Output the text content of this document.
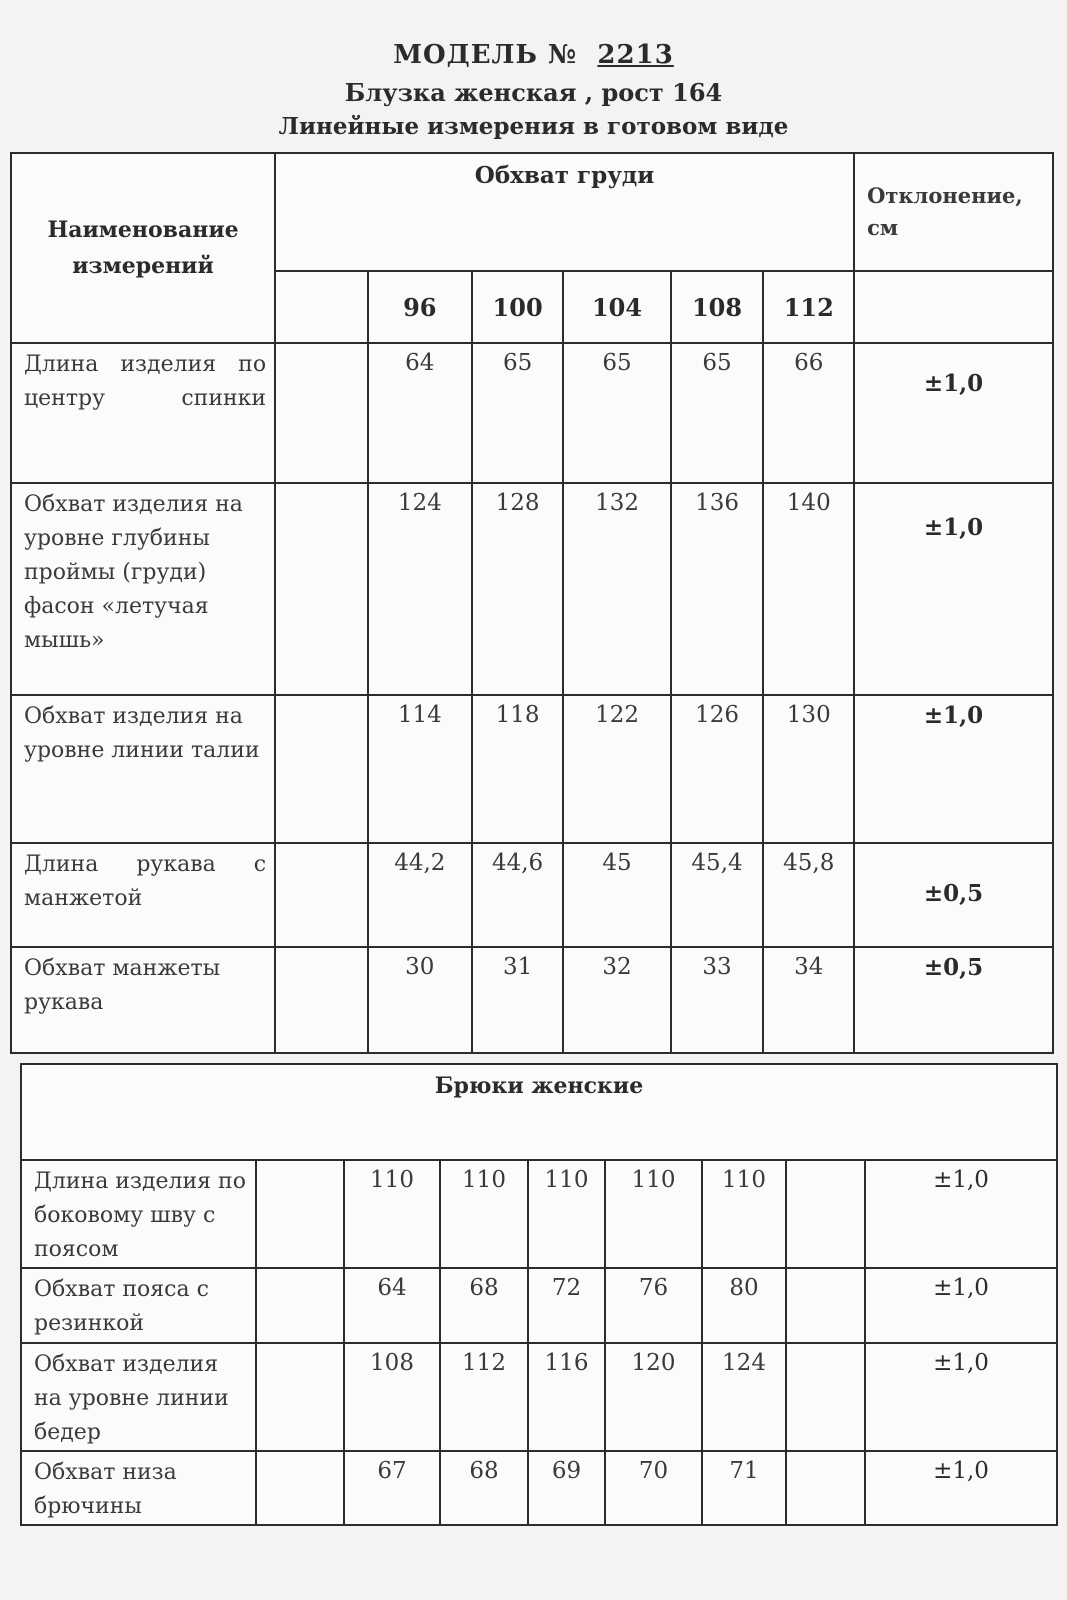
МОДЕЛЬ № 2213
Блузка женская , рост 164
Линейные измерения в готовом виде
Наименование измерений	Обхват груди						Отклонение, см
		96	100	104	108	112	
Длина изделия по центру спинки		64	65	65	65	66	±1,0
Обхват изделия на уровне глубины проймы (груди) фасон «летучая мышь»		124	128	132	136	140	±1,0
Обхват изделия на уровне линии талии		114	118	122	126	130	±1,0
Длина рукава с манжетой		44,2	44,6	45	45,4	45,8	±0,5
Обхват манжеты рукава		30	31	32	33	34	±0,5
Брюки женские								
Длина изделия по боковому шву с поясом		110	110	110	110	110		±1,0
Обхват пояса с резинкой		64	68	72	76	80		±1,0
Обхват изделия на уровне линии бедер		108	112	116	120	124		±1,0
Обхват низа брючины		67	68	69	70	71		±1,0
